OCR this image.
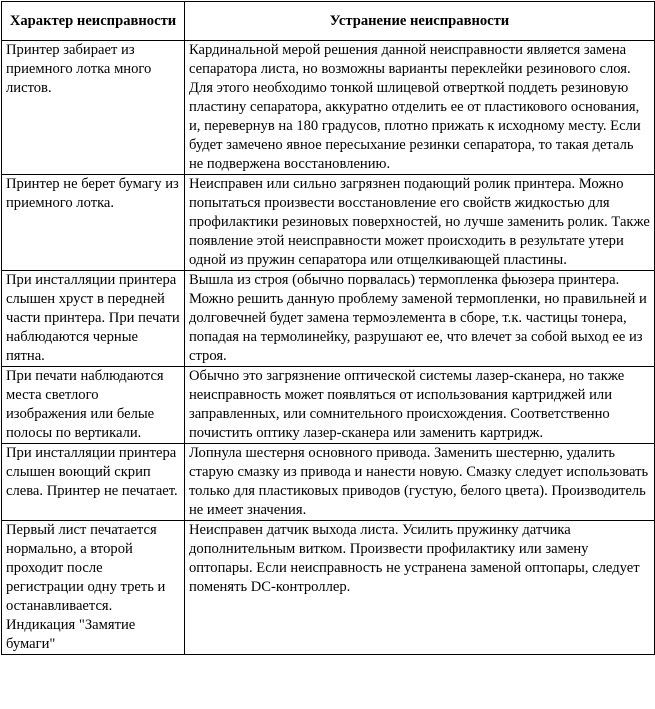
Характер неисправности	Устранение неисправности
Принтер забирает из приемного лотка много листов.	Кардинальной мерой решения данной неисправности является замена сепаратора листа, но возможны варианты переклейки резинового слоя. Для этого необходимо тонкой шлицевой отверткой поддеть резиновую пластину сепаратора, аккуратно отделить ее от пластикового основания, и, перевернув на 180 градусов, плотно прижать к исходному месту. Если будет замечено явное пересыхание резинки сепаратора, то такая деталь не подвержена восстановлению.
Принтер не берет бумагу из приемного лотка.	Неисправен или сильно загрязнен подающий ролик принтера. Можно попытаться произвести восстановление его свойств жидкостью для профилактики резиновых поверхностей, но лучше заменить ролик. Также появление этой неисправности может происходить в результате утери одной из пружин сепаратора или отщелкивающей пластины.
При инсталляции принтера слышен хруст в передней части принтера. При печати наблюдаются черные пятна.	Вышла из строя (обычно порвалась) термопленка фьюзера принтера. Можно решить данную проблему заменой термопленки, но правильней и долговечней будет замена термоэлемента в сборе, т.к. частицы тонера, попадая на термолинейку, разрушают ее, что влечет за собой выход ее из строя.
При печати наблюдаются места светлого изображения или белые полосы по вертикали.	Обычно это загрязнение оптической системы лазер-сканера, но также неисправность может появляться от использования картриджей или заправленных, или сомнительного происхождения. Соответственно почистить оптику лазер-сканера или заменить картридж.
При инсталляции принтера слышен воющий скрип слева. Принтер не печатает.	Лопнула шестерня основного привода. Заменить шестерню, удалить старую смазку из привода и нанести новую. Смазку следует использовать только для пластиковых приводов (густую, белого цвета). Производитель не имеет значения.
Первый лист печатается нормально, а второй проходит после регистрации одну треть и останавливается. Индикация "Замятие бумаги"	Неисправен датчик выхода листа. Усилить пружинку датчика дополнительным витком. Произвести профилактику или замену оптопары. Если неисправность не устранена заменой оптопары, следует поменять DC-контроллер.
